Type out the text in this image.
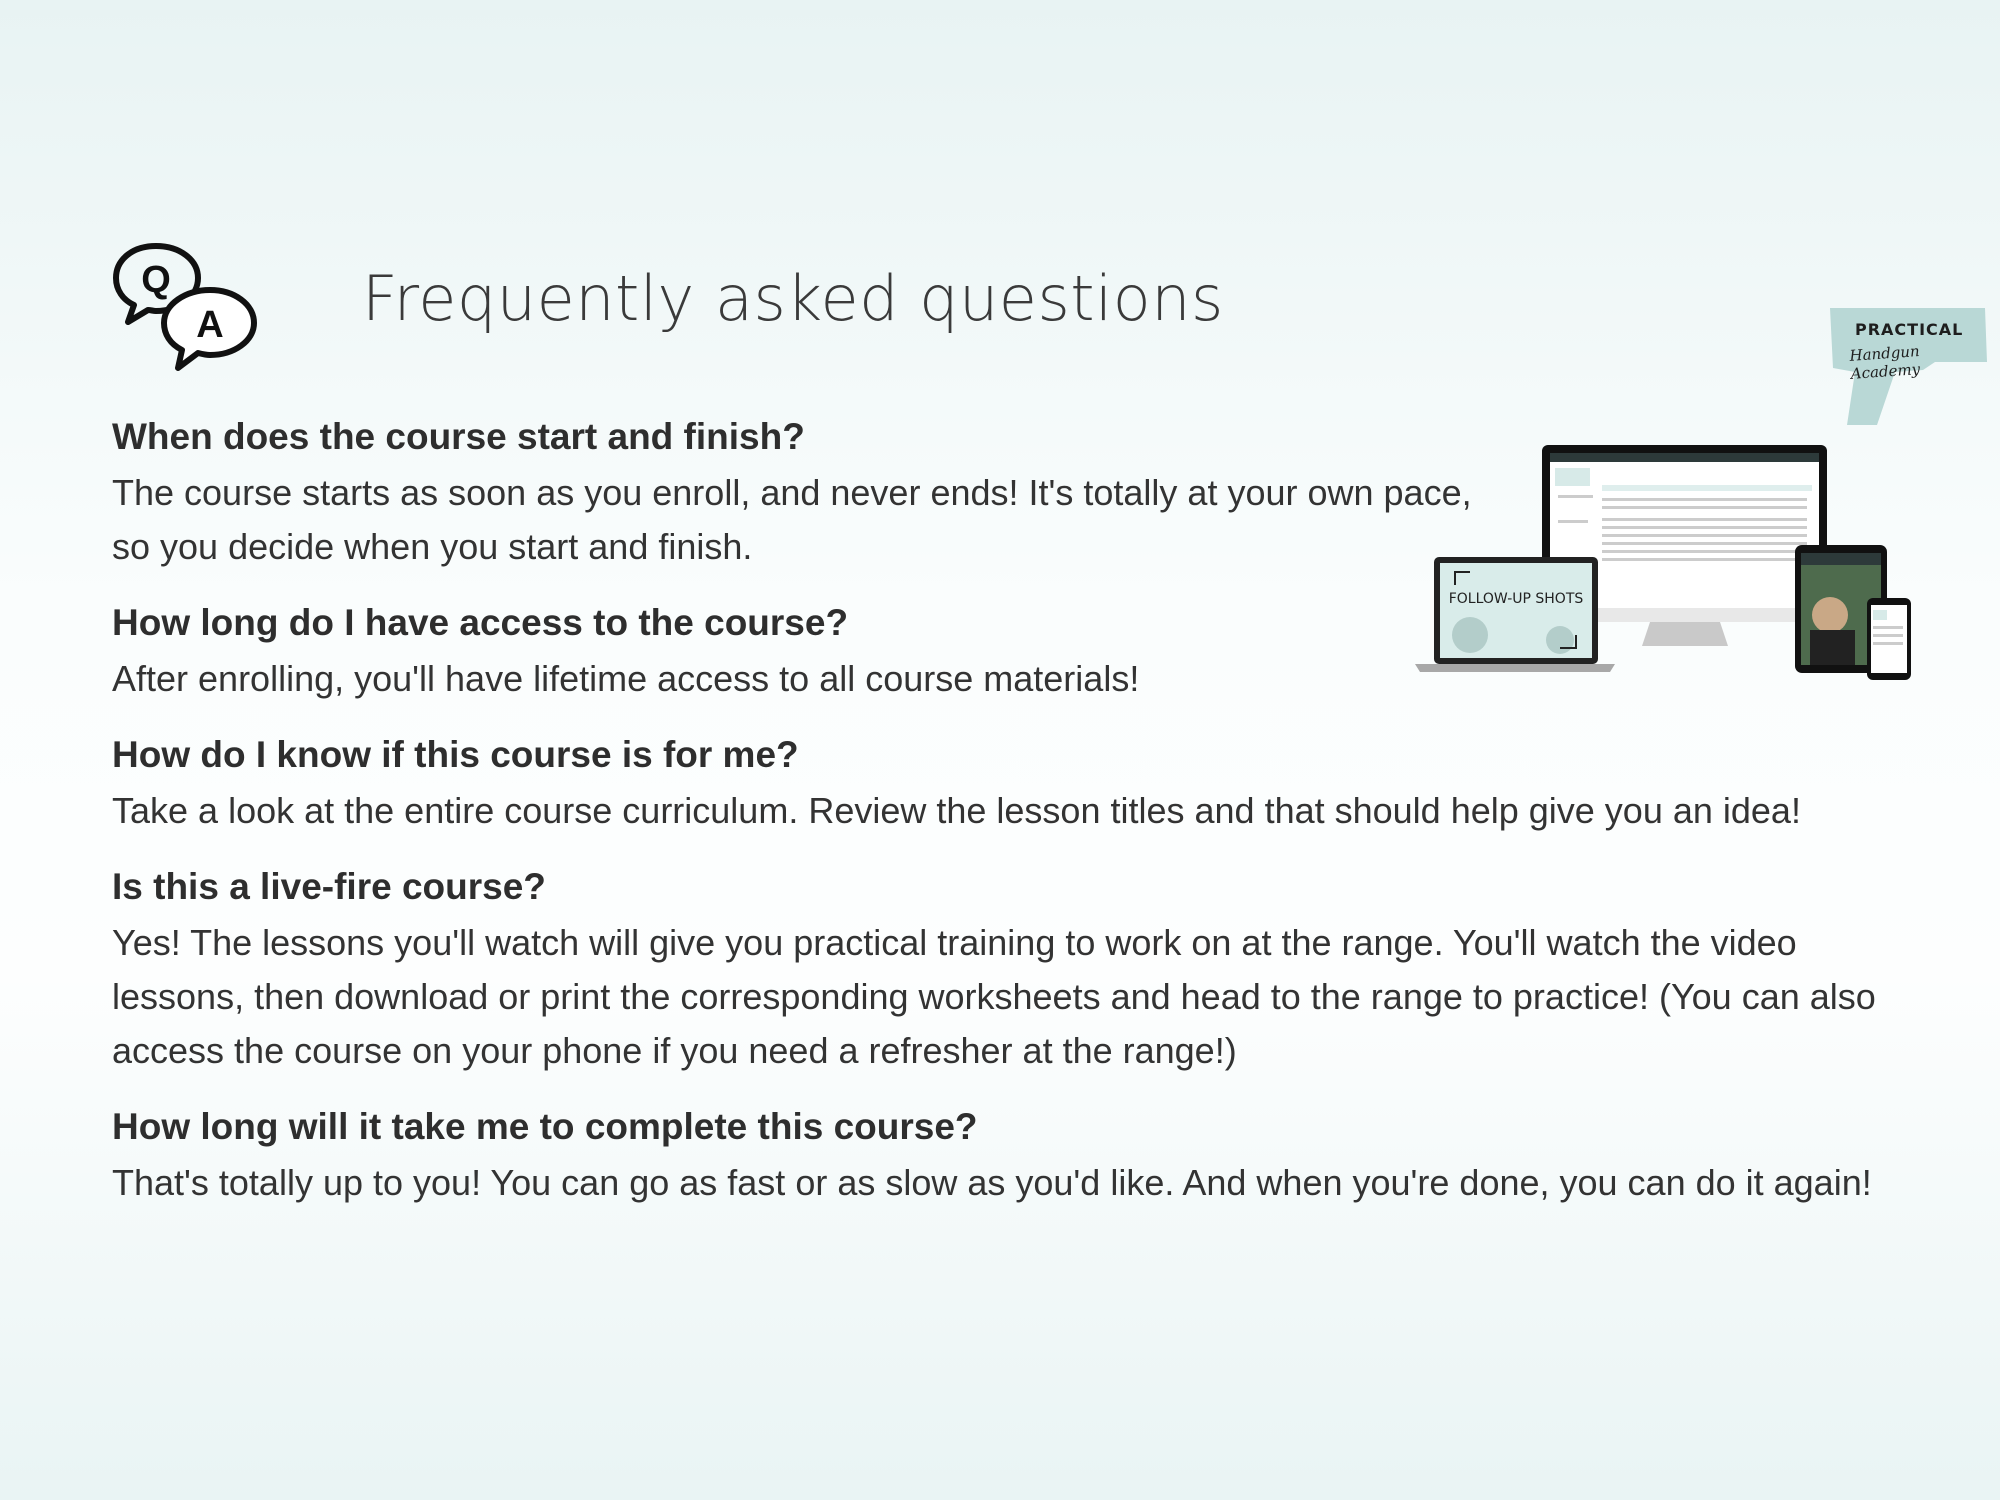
Q
A Frequently asked questions	PRACTICAL
Handgun Academy
FOLLOW-UP SHOTS
When does the course start and finish?
The course starts as soon as you enroll, and never ends! It's totally at your own pace, so you decide when you start and finish.
How long do I have access to the course?
After enrolling, you'll have lifetime access to all course materials!
How do I know if this course is for me?
Take a look at the entire course curriculum. Review the lesson titles and that should help give you an idea!
Is this a live-fire course?
Yes! The lessons you'll watch will give you practical training to work on at the range. You'll watch the video lessons, then download or print the corresponding worksheets and head to the range to practice! (You can also access the course on your phone if you need a refresher at the range!)
How long will it take me to complete this course?
That's totally up to you! You can go as fast or as slow as you'd like. And when you're done, you can do it again!
